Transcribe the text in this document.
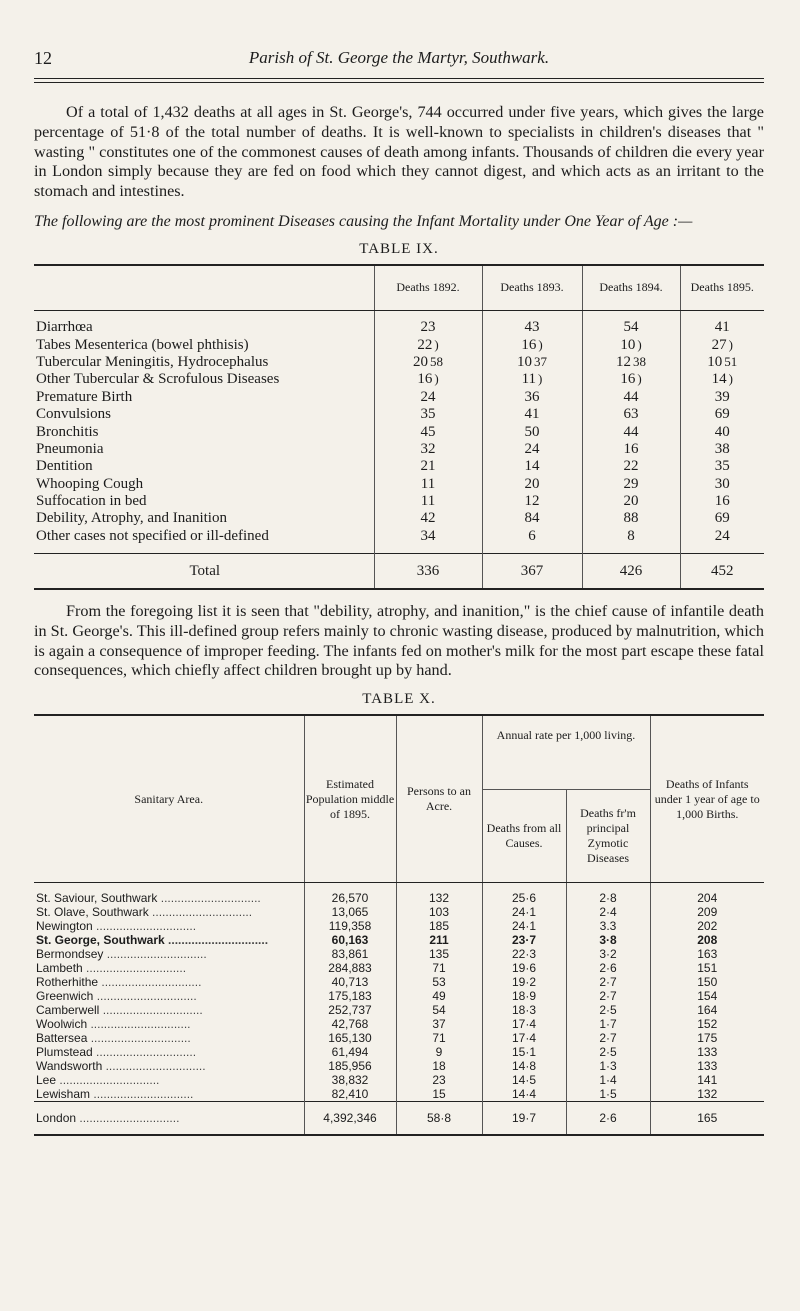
12	Parish of St. George the Martyr, Southwark.

Of a total of 1,432 deaths at all ages in St. George's, 744 occurred under five years, which gives the large percentage of 51·8 of the total number of deaths. It is well-known to specialists in children's diseases that " wasting " constitutes one of the commonest causes of death among infants. Thousands of children die every year in London simply because they are fed on food which they cannot digest, and which acts as an irritant to the stomach and intestines.

The following are the most prominent Diseases causing the Infant Mortality under One Year of Age :—

TABLE IX.
	Deaths 1892.	Deaths 1893.	Deaths 1894.	Deaths 1895.
Diarrhœa	23	43	54	41
Tabes Mesenterica (bowel phthisis)	22 )	16 )	10 )	27 )
Tubercular Meningitis, Hydrocephalus	20 58	10 37	12 38	10 51
Other Tubercular & Scrofulous Diseases	16 )	11 )	16 )	14 )
Premature Birth	24	36	44	39
Convulsions	35	41	63	69
Bronchitis	45	50	44	40
Pneumonia	32	24	16	38
Dentition	21	14	22	35
Whooping Cough	11	20	29	30
Suffocation in bed	11	12	20	16
Debility, Atrophy, and Inanition	42	84	88	69
Other cases not specified or ill-defined	34	6	8	24
Total	336	367	426	452

From the foregoing list it is seen that "debility, atrophy, and inanition," is the chief cause of infantile death in St. George's. This ill-defined group refers mainly to chronic wasting disease, produced by malnutrition, which is again a consequence of improper feeding. The infants fed on mother's milk for the most part escape these fatal consequences, which chiefly affect children brought up by hand.

TABLE X.
Sanitary Area.	Estimated Population middle of 1895.	Persons to an Acre.	Annual rate per 1,000 living.		Deaths of Infants under 1 year of age to 1,000 Births.
			Deaths from all Causes.	Deaths fr'm principal Zymotic Diseases	
St. Saviour, Southwark ..............................	26,570	132	25·6	2·8	204
St. Olave, Southwark ..............................	13,065	103	24·1	2·4	209
Newington ..............................	119,358	185	24·1	3.3	202
St. George, Southwark ..............................	60,163	211	23·7	3·8	208
Bermondsey ..............................	83,861	135	22·3	3·2	163
Lambeth ..............................	284,883	71	19·6	2·6	151
Rotherhithe ..............................	40,713	53	19·2	2·7	150
Greenwich ..............................	175,183	49	18·9	2·7	154
Camberwell ..............................	252,737	54	18·3	2·5	164
Woolwich ..............................	42,768	37	17·4	1·7	152
Battersea ..............................	165,130	71	17·4	2·7	175
Plumstead ..............................	61,494	9	15·1	2·5	133
Wandsworth ..............................	185,956	18	14·8	1·3	133
Lee ..............................	38,832	23	14·5	1·4	141
Lewisham ..............................	82,410	15	14·4	1·5	132
London ..............................	4,392,346	58·8	19·7	2·6	165
